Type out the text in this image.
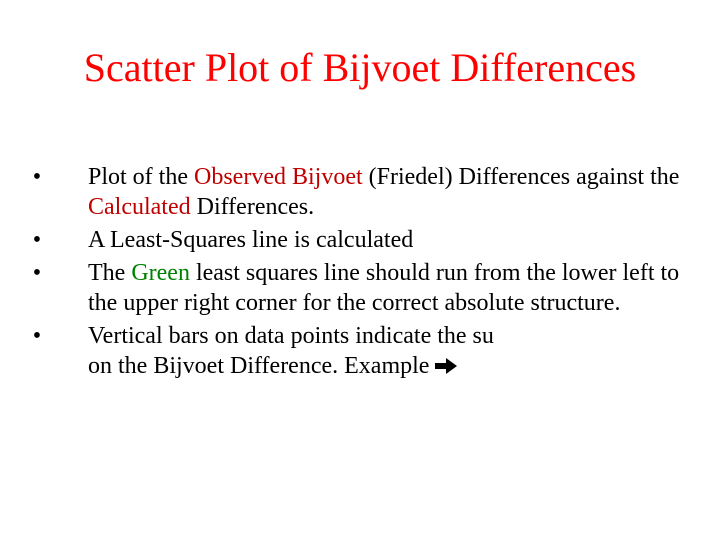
Scatter Plot of Bijvoet Differences
• Plot of the Observed Bijvoet (Friedel) Differences against the Calculated Differences.
• A Least-Squares line is calculated
• The Green least squares line should run from the lower left to the upper right corner for the correct absolute structure.
• Vertical bars on data points indicate the su
on the Bijvoet Difference. Example
